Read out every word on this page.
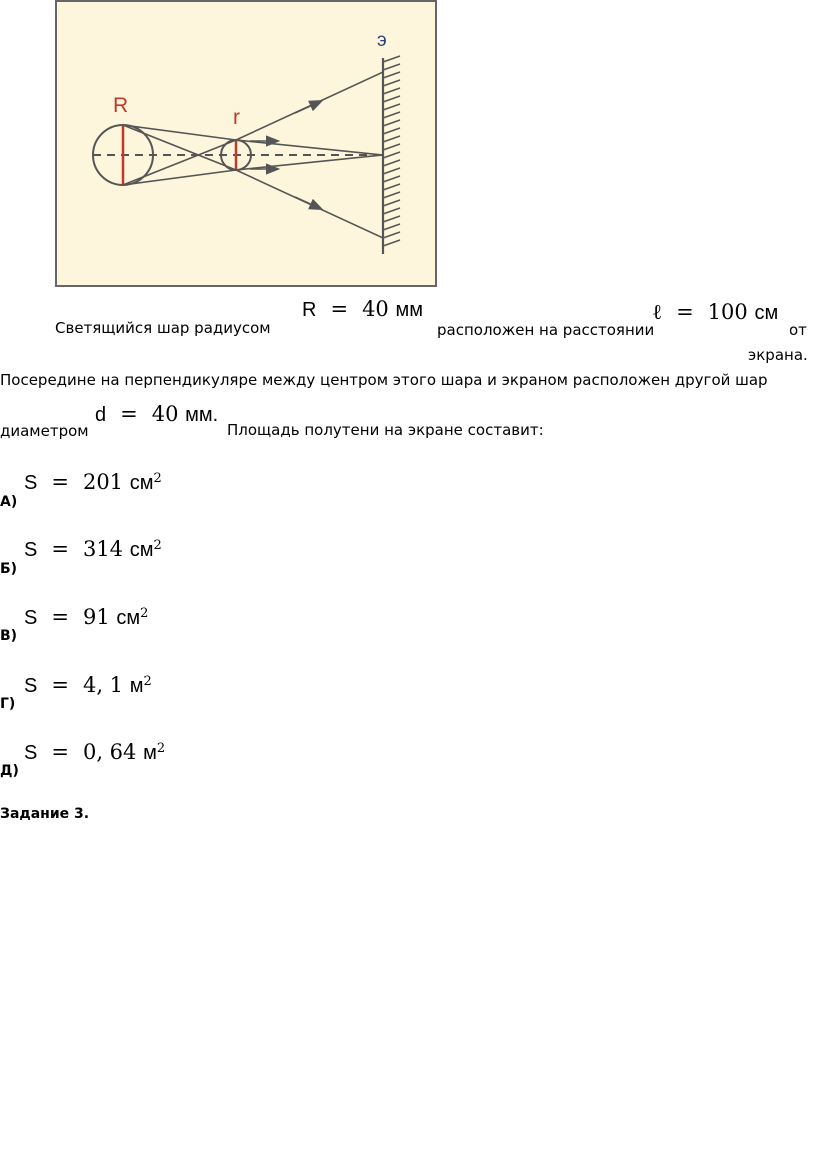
R
r
э
Светящийся шар радиусом
R = 40 мм
расположен на расстоянии
ℓ = 100 см
от
экрана.
Посередине на перпендикуляре между центром этого шара и экраном расположен другой шар
d = 40 мм.
диаметром	Площадь полутени на экране составит:
А)
S = 201 $см^2$
Б)
S = 314 $см^2$
В)
S = 91 $см^2$
Г)
S = 4, 1 $м^2$
Д)
S = 0, 64 $м^2$
Задание 3.
